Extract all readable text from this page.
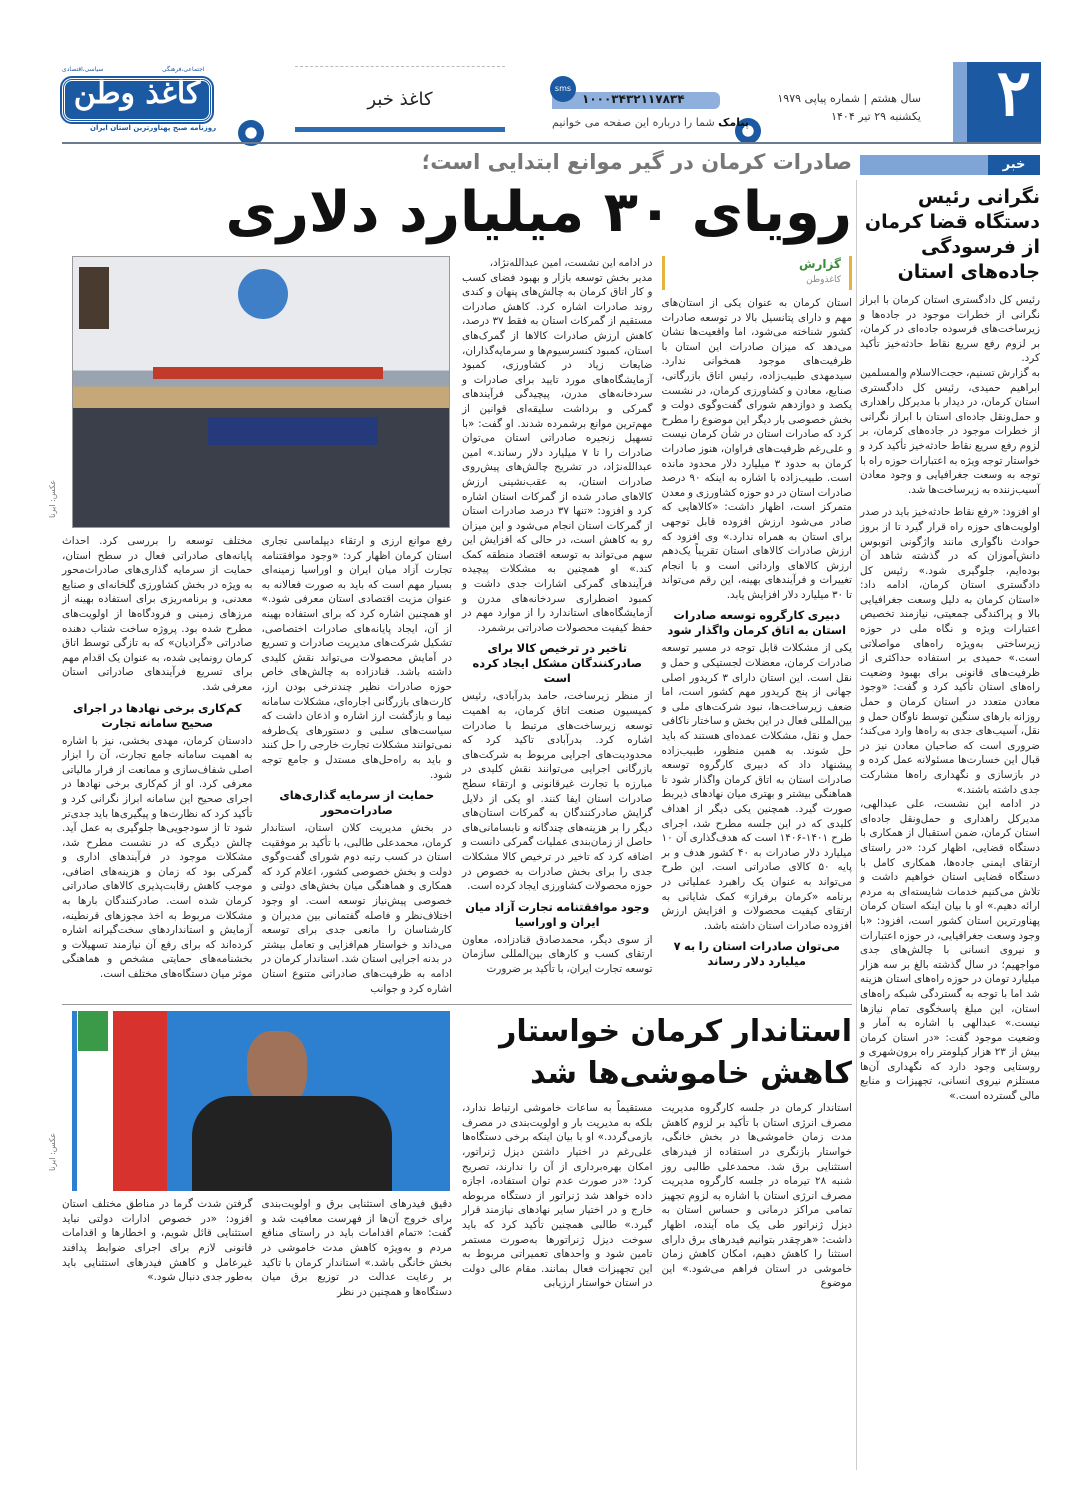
۲
سال هشتم | شماره پیاپی ۱۹۷۹
یکشنبه ۲۹ تیر ۱۴۰۴
۱۰۰۰۳۴۳۲۱۱۷۸۳۴
sms
پیامک شما را درباره این صفحه می خوانیم
کاغذ خبر
کاغذ وطن
سیاسی،اقتصادی	اجتماعی،فرهنگی
روزنامه صبح پهناورترین استان ایران
خبر
نگرانی رئیس دستگاه قضا کرمان از فرسودگی جاده‌های استان

رئیس کل دادگستری استان کرمان با ابراز نگرانی از خطرات موجود در جاده‌ها و زیرساخت‌های فرسوده جاده‌ای در کرمان، بر لزوم رفع سریع نقاط حادثه‌خیز تأکید کرد.

به گزارش تسنیم، حجت‌الاسلام والمسلمین ابراهیم حمیدی، رئیس کل دادگستری استان کرمان، در دیدار با مدیرکل راهداری و حمل‌ونقل جاده‌ای استان با ابراز نگرانی از خطرات موجود در جاده‌های کرمان، بر لزوم رفع سریع نقاط حادثه‌خیز تأکید کرد و خواستار توجه ویژه به اعتبارات حوزه راه با توجه به وسعت جغرافیایی و وجود معادن آسیب‌زننده به زیرساخت‌ها شد.

او افزود: «رفع نقاط حادثه‌خیز باید در صدر اولویت‌های حوزه راه قرار گیرد تا از بروز حوادث ناگواری مانند واژگونی اتوبوس دانش‌آموزان که در گذشته شاهد آن بوده‌ایم، جلوگیری شود.» رئیس کل دادگستری استان کرمان، ادامه داد: «استان کرمان به دلیل وسعت جغرافیایی بالا و پراکندگی جمعیتی، نیازمند تخصیص اعتبارات ویژه و نگاه ملی در حوزه زیرساختی به‌ویژه راه‌های مواصلاتی است.» حمیدی بر استفاده حداکثری از ظرفیت‌های قانونی برای بهبود وضعیت راه‌های استان تأکید کرد و گفت: «وجود معادن متعدد در استان کرمان و حمل روزانه بارهای سنگین توسط ناوگان حمل و نقل، آسیب‌های جدی به راه‌ها وارد می‌کند؛ ضروری است که صاحبان معادن نیز در قبال این خسارت‌ها مسئولانه عمل کرده و در بازسازی و نگهداری راه‌ها مشارکت جدی داشته باشند.»

در ادامه این نشست، علی عبدالهی، مدیرکل راهداری و حمل‌ونقل جاده‌ای استان کرمان، ضمن استقبال از همکاری با دستگاه قضایی، اظهار کرد: «در راستای ارتقای ایمنی جاده‌ها، همکاری کامل با دستگاه قضایی استان خواهیم داشت و تلاش می‌کنیم خدمات شایسته‌ای به مردم ارائه دهیم.» او با بیان اینکه استان کرمان پهناورترین استان کشور است، افزود: «با وجود وسعت جغرافیایی، در حوزه اعتبارات و نیروی انسانی با چالش‌های جدی مواجهیم؛ در سال گذشته بالغ بر سه هزار میلیارد تومان در حوزه راه‌های استان هزینه شد اما با توجه به گستردگی شبکه راه‌های استان، این مبلغ پاسخگوی تمام نیازها نیست.» عبدالهی با اشاره به آمار و وضعیت موجود گفت: «در استان کرمان بیش از ۲۳ هزار کیلومتر راه برون‌شهری و روستایی وجود دارد که نگهداری آن‌ها مستلزم نیروی انسانی، تجهیزات و منابع مالی گسترده است.»

صادرات کرمان در گیر موانع ابتدایی است؛
رویای ۳۰ میلیارد دلاری
گزارش
کاغذوطن

استان کرمان به عنوان یکی از استان‌های مهم و دارای پتانسیل بالا در توسعه صادرات کشور شناخته می‌شود، اما واقعیت‌ها نشان می‌دهد که میزان صادرات این استان با ظرفیت‌های موجود همخوانی ندارد. سیدمهدی طبیب‌زاده، رئیس اتاق بازرگانی، صنایع، معادن و کشاورزی کرمان، در نشست یکصد و دوازدهم شورای گفت‌وگوی دولت و بخش خصوصی بار دیگر این موضوع را مطرح کرد که صادرات استان در شأن کرمان نیست و علی‌رغم ظرفیت‌های فراوان، هنوز صادرات کرمان به حدود ۳ میلیارد دلار محدود مانده است. طبیب‌زاده با اشاره به اینکه ۹۰ درصد صادرات استان در دو حوزه کشاورزی و معدن متمرکز است، اظهار داشت: «کالاهایی که صادر می‌شود ارزش افزوده قابل توجهی برای استان به همراه ندارد.» وی افزود که ارزش صادرات کالاهای استان تقریباً یک‌دهم ارزش کالاهای وارداتی است و با انجام تغییرات و فرآیندهای بهینه، این رقم می‌تواند تا ۳۰ میلیارد دلار افزایش یابد.

دبیری کارگروه توسعه صادرات استان به اتاق کرمان واگذار شود

یکی از مشکلات قابل توجه در مسیر توسعه صادرات کرمان، معضلات لجستیکی و حمل و نقل است. این استان دارای ۳ کریدور اصلی جهانی از پنج کریدور مهم کشور است، اما ضعف زیرساخت‌ها، نبود شرکت‌های ملی و بین‌المللی فعال در این بخش و ساختار ناکافی حمل و نقل، مشکلات عمده‌ای هستند که باید حل شوند. به همین منظور، طبیب‌زاده پیشنهاد داد که دبیری کارگروه توسعه صادرات استان به اتاق کرمان واگذار شود تا هماهنگی بیشتر و بهتری میان نهادهای ذیربط صورت گیرد. همچنین یکی دیگر از اهداف کلیدی که در این جلسه مطرح شد، اجرای طرح ۱۴۰۱-۱۴۰۶ است که هدف‌گذاری آن ۱۰ میلیارد دلار صادرات به ۴۰ کشور هدف و بر پایه ۵۰ کالای صادراتی است. این طرح می‌تواند به عنوان یک راهبرد عملیاتی در برنامه «کرمان برفراز» کمک شایانی به ارتقای کیفیت محصولات و افزایش ارزش افزوده صادرات استان داشته باشد.

می‌توان صادرات استان را به ۷ میلیارد دلار رساند

در ادامه این نشست، امین عبدالله‌نژاد،

مدیر بخش توسعه بازار و بهبود فضای کسب و کار اتاق کرمان به چالش‌های پنهان و کندی روند صادرات اشاره کرد. کاهش صادرات مستقیم از گمرکات استان به فقط ۳۷ درصد، کاهش ارزش صادرات کالاها از گمرک‌های استان، کمبود کنسرسیوم‌ها و سرمایه‌گذاران، ضایعات زیاد در کشاورزی، کمبود آزمایشگاه‌های مورد تایید برای صادرات و سردخانه‌های مدرن، پیچیدگی فرآیندهای گمرکی و برداشت سلیقه‌ای قوانین از مهم‌ترین موانع برشمرده شدند. او گفت: «با تسهیل زنجیره صادراتی استان می‌توان صادرات را تا ۷ میلیارد دلار رساند.» امین عبدالله‌نژاد، در تشریح چالش‌های پیش‌روی صادرات استان، به عقب‌نشینی ارزش کالاهای صادر شده از گمرکات استان اشاره کرد و افزود: «تنها ۳۷ درصد صادرات استان از گمرکات استان انجام می‌شود و این میزان رو به کاهش است، در حالی که افزایش این سهم می‌تواند به توسعه اقتصاد منطقه کمک کند.» او همچنین به مشکلات پیچیده فرآیندهای گمرکی اشارات جدی داشت و کمبود اضطراری سردخانه‌های مدرن و آزمایشگاه‌های استاندارد را از موارد مهم در حفظ کیفیت محصولات صادراتی برشمرد.

تاخیر در ترخیص کالا برای صادرکنندگان مشکل ایجاد کرده است

از منظر زیرساخت، حامد بدرآبادی، رئیس کمیسیون صنعت اتاق کرمان، به اهمیت توسعه زیرساخت‌های مرتبط با صادرات اشاره کرد. بدرآبادی تاکید کرد که محدودیت‌های اجرایی مربوط به شرکت‌های بازرگانی اجرایی می‌توانند نقش کلیدی در مبارزه با تجارت غیرقانونی و ارتقاء سطح صادرات استان ایفا کنند. او یکی از دلایل گرایش صادرکنندگان به گمرکات استان‌های دیگر را بر هزینه‌های چندگانه و نابسامانی‌های حاصل از زمان‌بندی عملیات گمرکی دانست و اضافه کرد که تاخیر در ترخیص کالا مشکلات جدی را برای بخش صادرات به خصوص در حوزه محصولات کشاورزی ایجاد کرده است.

وجود موافقتنامه تجارت آزاد میان ایران و اوراسیا

از سوی دیگر، محمدصادق قنادزاده، معاون ارتقای کسب و کارهای بین‌المللی سازمان توسعه تجارت ایران، با تأکید بر ضرورت

عکس: ایرنا

رفع موانع ارزی و ارتقاء دیپلماسی تجاری استان کرمان اظهار کرد: «وجود موافقتنامه تجارت آزاد میان ایران و اوراسیا زمینه‌ای بسیار مهم است که باید به صورت فعالانه به عنوان مزیت اقتصادی استان معرفی شود.» او همچنین اشاره کرد که برای استفاده بهینه از آن، ایجاد پایانه‌های صادرات اختصاصی، تشکیل شرکت‌های مدیریت صادرات و تسریع در آمایش محصولات می‌تواند نقش کلیدی داشته باشد. قنادزاده به چالش‌های خاص حوزه صادرات نظیر چندنرخی بودن ارز، کارت‌های بازرگانی اجاره‌ای، مشکلات سامانه نیما و بازگشت ارز اشاره و اذعان داشت که سیاست‌های سلبی و دستورهای یک‌طرفه نمی‌توانند مشکلات تجارت خارجی را حل کنند و باید به راه‌حل‌های مستدل و جامع توجه شود.

حمایت از سرمایه گذاری‌های صادرات‌محور

در بخش مدیریت کلان استان، استاندار کرمان، محمدعلی طالبی، با تأکید بر موفقیت استان در کسب رتبه دوم شورای گفت‌وگوی دولت و بخش خصوصی کشور، اعلام کرد که همکاری و هماهنگی میان بخش‌های دولتی و خصوصی پیش‌نیاز توسعه است. او وجود اختلاف‌نظر و فاصله گفتمانی بین مدیران و کارشناسان را مانعی جدی برای توسعه می‌داند و خواستار هم‌افزایی و تعامل بیشتر در بدنه اجرایی استان شد. استاندار کرمان در ادامه به ظرفیت‌های صادراتی متنوع استان اشاره کرد و جوانب

مختلف توسعه را بررسی کرد. احداث پایانه‌های صادراتی فعال در سطح استان، حمایت از سرمایه گذاری‌های صادرات‌محور به ویژه در بخش کشاورزی گلخانه‌ای و صنایع معدنی، و برنامه‌ریزی برای استفاده بهینه از مرزهای زمینی و فرودگاه‌ها از اولویت‌های مطرح شده بود. پروژه ساخت شتاب دهنده صادراتی «گرادیان» که به تازگی توسط اتاق کرمان رونمایی شده، به عنوان یک اقدام مهم برای تسریع فرآیندهای صادراتی استان معرفی شد.

کم‌کاری برخی نهادها در اجرای صحیح سامانه تجارت

دادستان کرمان، مهدی بخشی، نیز با اشاره به اهمیت سامانه جامع تجارت، آن را ابزار اصلی شفاف‌سازی و ممانعت از فرار مالیاتی معرفی کرد. او از کم‌کاری برخی نهادها در اجرای صحیح این سامانه ابراز نگرانی کرد و تأکید کرد که نظارت‌ها و پیگیری‌ها باید جدی‌تر شود تا از سودجویی‌ها جلوگیری به عمل آید. چالش دیگری که در نشست مطرح شد، مشکلات موجود در فرآیندهای اداری و گمرکی بود که زمان و هزینه‌های اضافی، موجب کاهش رقابت‌پذیری کالاهای صادراتی کرمان شده است. صادرکنندگان بارها به مشکلات مربوط به اخذ مجوزهای قرنطینه، آزمایش و استانداردهای سخت‌گیرانه اشاره کرده‌اند که برای رفع آن نیازمند تسهیلات و بخشنامه‌های حمایتی مشخص و هماهنگی موثر میان دستگاه‌های مختلف است.

استاندار کرمان خواستار کاهش خاموشی‌ها شد

استاندار کرمان در جلسه کارگروه مدیریت مصرف انرژی استان با تأکید بر لزوم کاهش مدت زمان خاموشی‌ها در بخش خانگی، خواستار بازنگری در استفاده از فیدرهای استثنایی برق شد. محمدعلی طالبی روز شنبه ۲۸ تیرماه در جلسه کارگروه مدیریت مصرف انرژی استان با اشاره به لزوم تجهیز تمامی مراکز درمانی و حساس استان به دیزل ژنراتور طی یک ماه آینده، اظهار داشت: «هرچقدر بتوانیم فیدرهای برق دارای استثنا را کاهش دهیم، امکان کاهش زمان خاموشی در استان فراهم می‌شود.» این موضوع

مستقیماً به ساعات خاموشی ارتباط ندارد، بلکه به مدیریت بار و اولویت‌بندی در مصرف بازمی‌گردد.» او با بیان اینکه برخی دستگاه‌ها علی‌رغم در اختیار داشتن دیزل ژنراتور، امکان بهره‌برداری از آن را ندارند، تصریح کرد: «در صورت عدم توان استفاده، اجازه داده خواهد شد ژنراتور از دستگاه مربوطه خارج و در اختیار سایر نهادهای نیازمند قرار گیرد.» طالبی همچنین تأکید کرد که باید سوخت دیزل ژنراتورها به‌صورت مستمر تامین شود و واحدهای تعمیراتی مربوط به این تجهیزات فعال بمانند. مقام عالی دولت در استان خواستار ارزیابی

عکس: ایرنا

دقیق فیدرهای استثنایی برق و اولویت‌بندی برای خروج آن‌ها از فهرست معافیت شد و گفت: «تمام اقدامات باید در راستای منافع مردم و به‌ویژه کاهش مدت خاموشی در بخش خانگی باشد.» استاندار کرمان با تاکید بر رعایت عدالت در توزیع برق میان دستگاه‌ها و همچنین در نظر

گرفتن شدت گرما در مناطق مختلف استان افزود: «در خصوص ادارات دولتی نباید استثنایی قائل شویم، و اخطارها و اقدامات قانونی لازم برای اجرای ضوابط پدافند غیرعامل و کاهش فیدرهای استثنایی باید به‌طور جدی دنبال شود.»
